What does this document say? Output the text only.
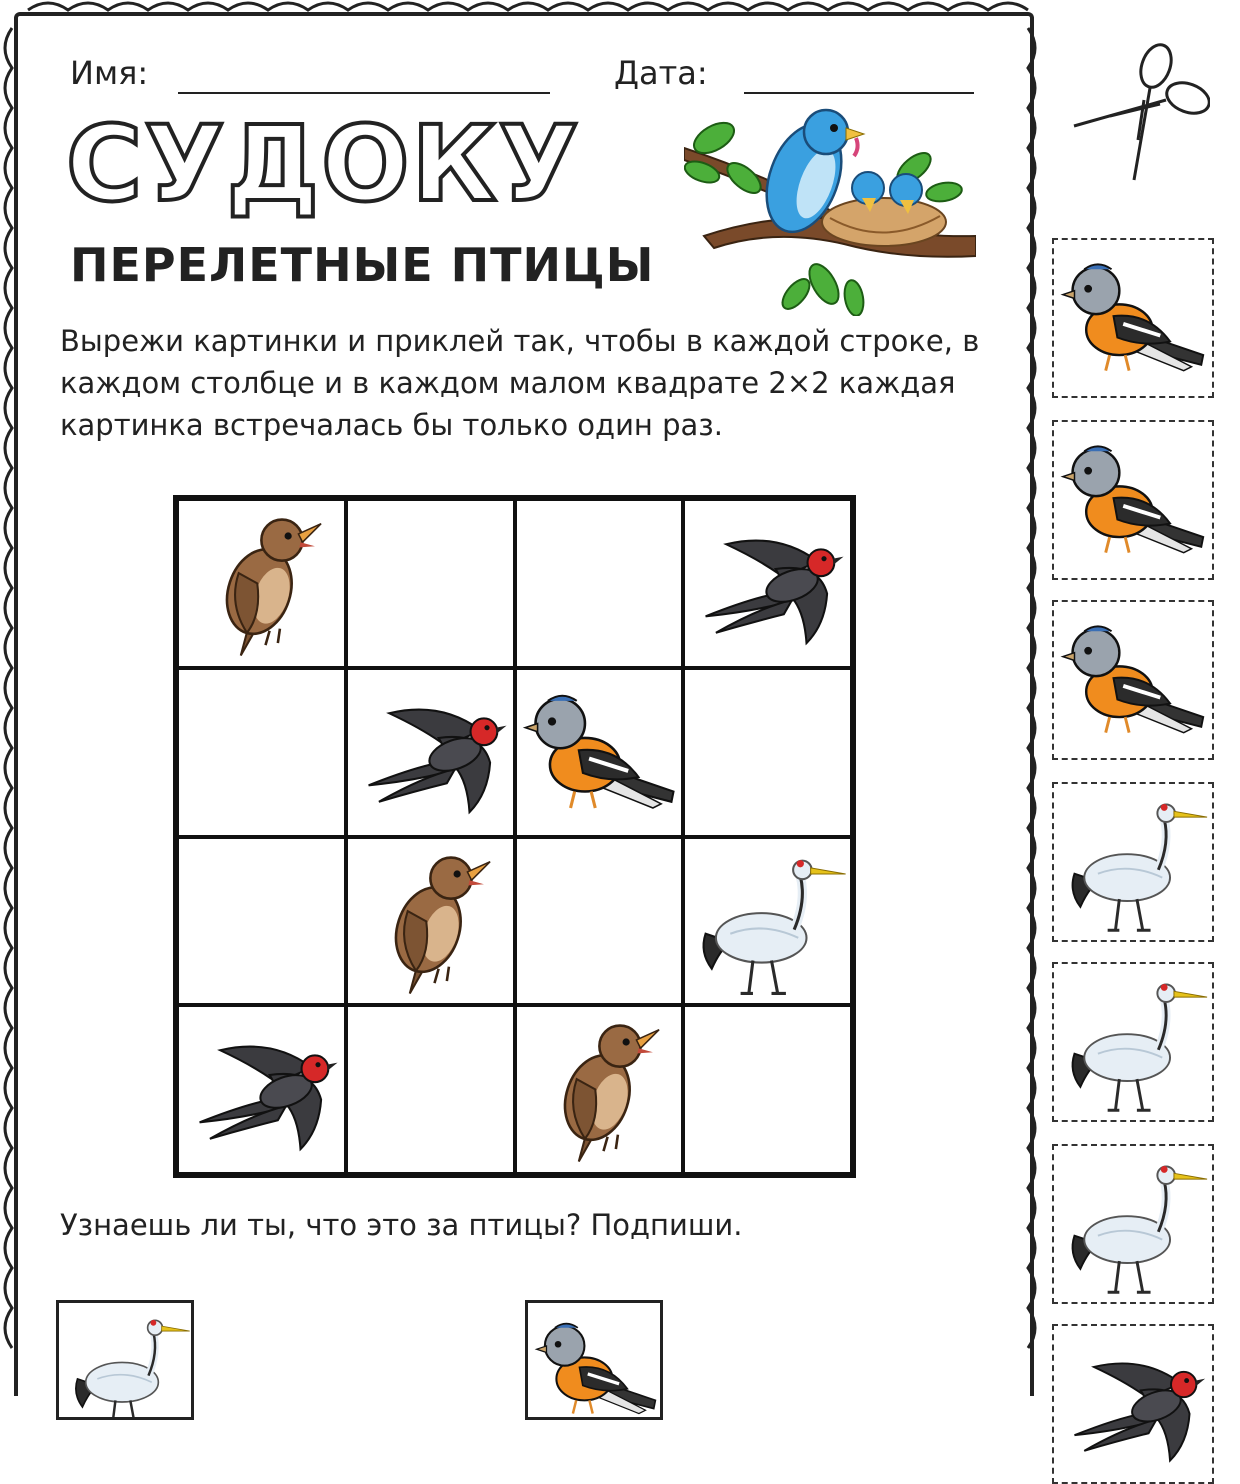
Имя:	Дата:
СУДОКУ
ПЕРЕЛЕТНЫЕ ПТИЦЫ
Вырежи картинки и приклей так, чтобы в каждой строке, в каждом столбце и в каждом малом квадрате 2×2 каждая картинка встречалась бы только один раз.
Узнаешь ли ты, что это за птицы? Подпиши.
